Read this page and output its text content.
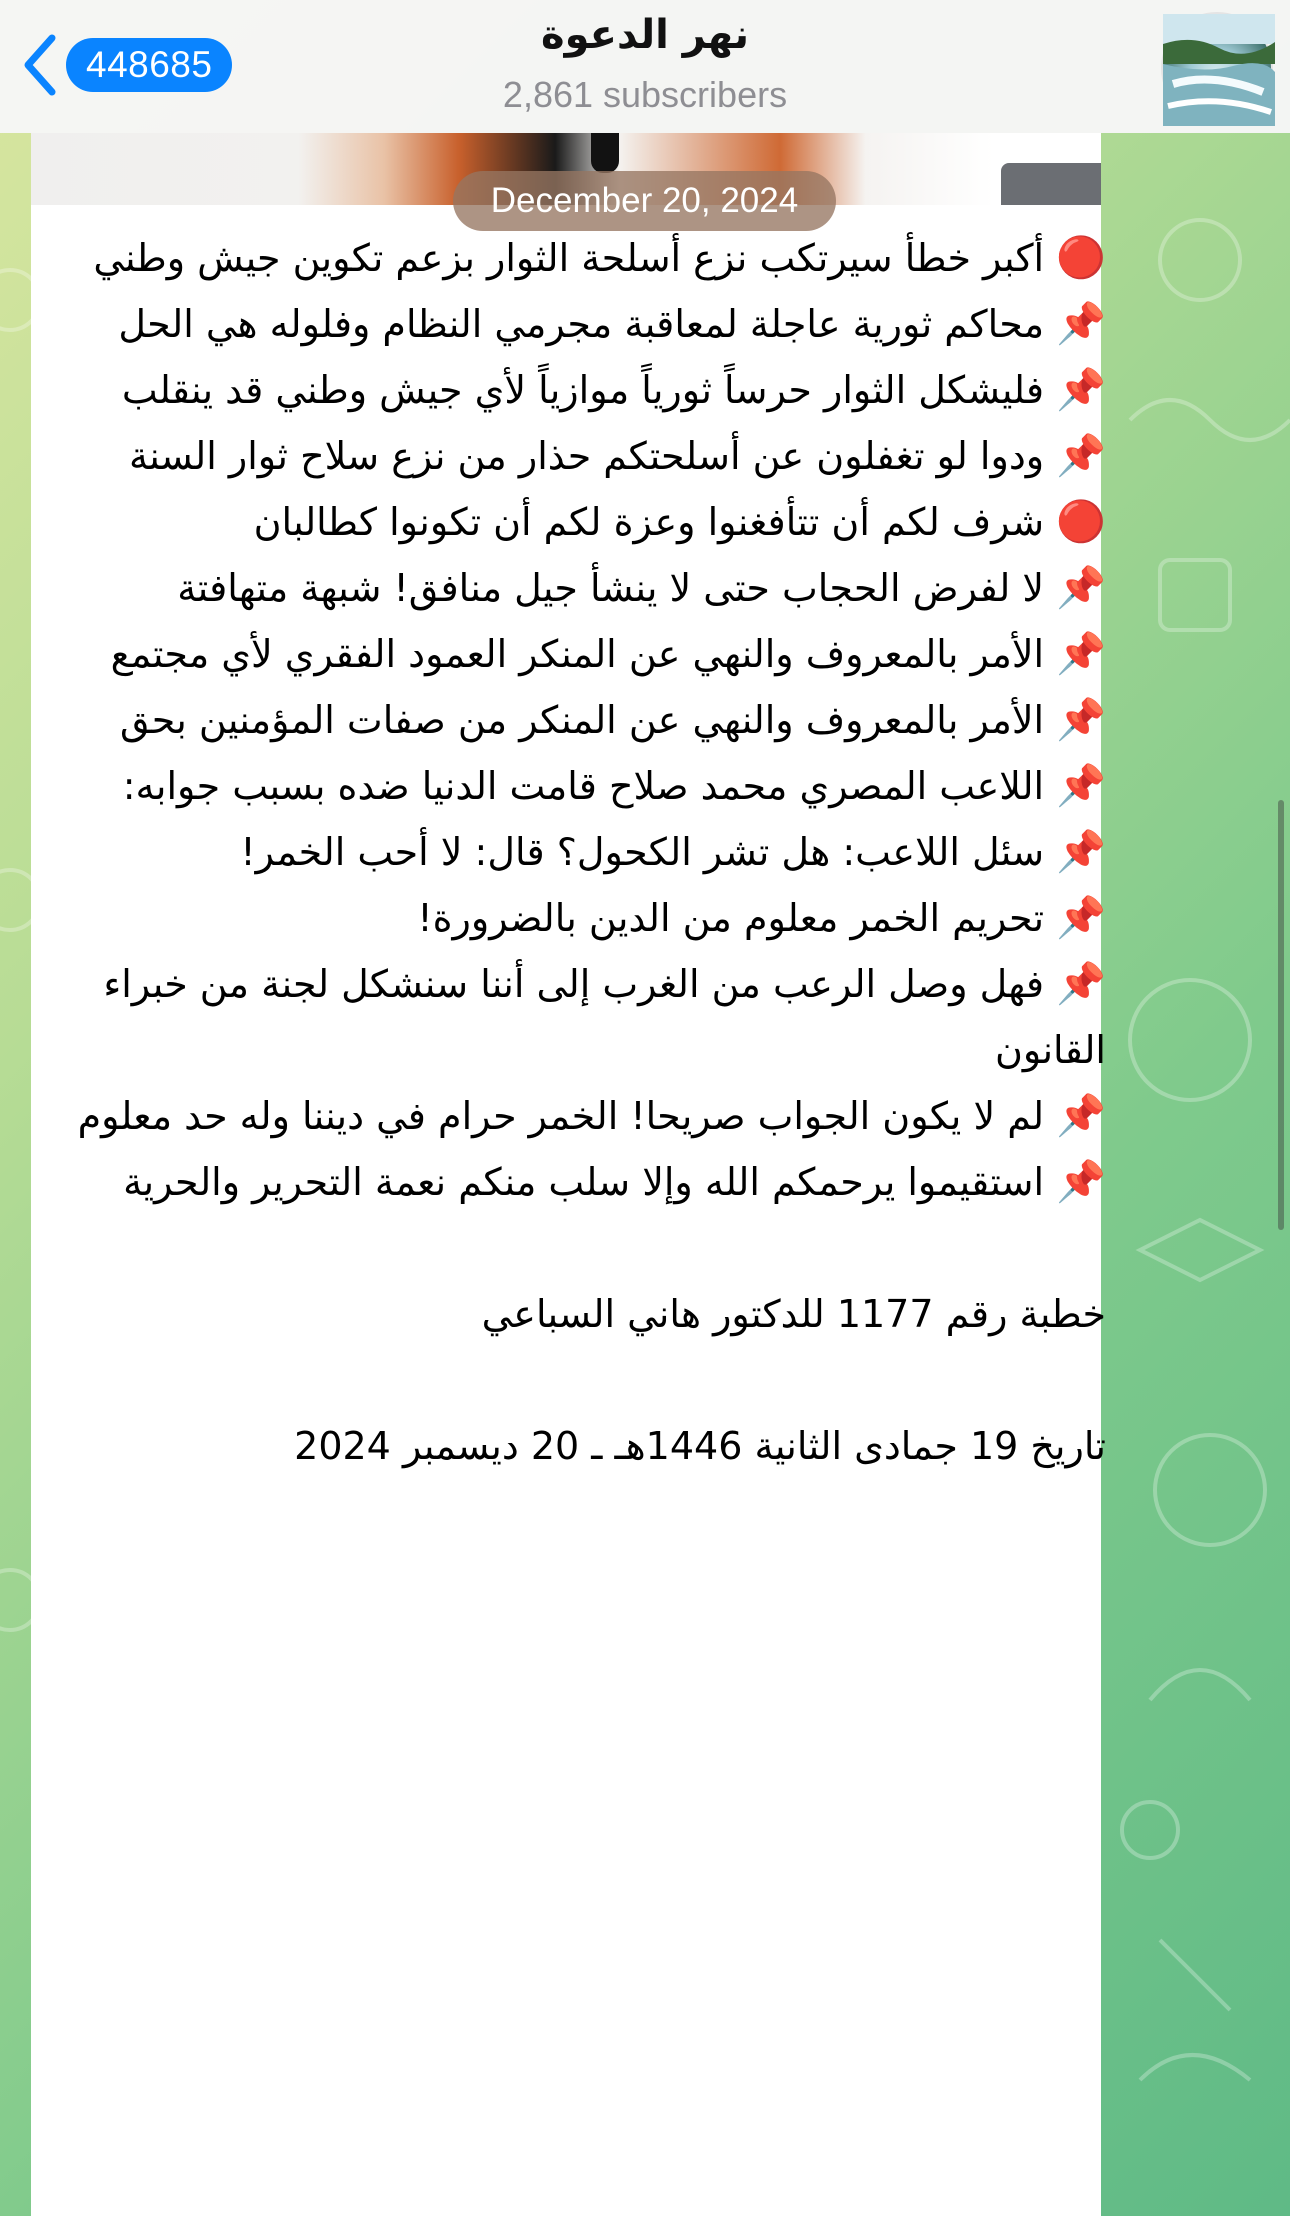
448685
نهر الدعوة
2,861 subscribers
December 20, 2024
🔴 أكبر خطأ سيرتكب نزع أسلحة الثوار بزعم تكوين جيش وطني
📌 محاكم ثورية عاجلة لمعاقبة مجرمي النظام وفلوله هي الحل
📌 فليشكل الثوار حرساً ثورياً موازياً لأي جيش وطني قد ينقلب
📌 ودوا لو تغفلون عن أسلحتكم حذار من نزع سلاح ثوار السنة
🔴 شرف لكم أن تتأفغنوا وعزة لكم أن تكونوا كطالبان
📌 لا لفرض الحجاب حتى لا ينشأ جيل منافق! شبهة متهافتة
📌 الأمر بالمعروف والنهي عن المنكر العمود الفقري لأي مجتمع
📌 الأمر بالمعروف والنهي عن المنكر من صفات المؤمنين بحق
📌 اللاعب المصري محمد صلاح قامت الدنيا ضده بسبب جوابه:
📌 سئل اللاعب: هل تشر الكحول؟ قال: لا أحب الخمر!
📌 تحريم الخمر معلوم من الدين بالضرورة!
📌 فهل وصل الرعب من الغرب إلى أننا سنشكل لجنة من خبراء القانون
📌 لم لا يكون الجواب صريحا! الخمر حرام في ديننا وله حد معلوم
📌 استقيموا يرحمكم الله وإلا سلب منكم نعمة التحرير والحرية
خطبة رقم 1177 للدكتور هاني السباعي
تاريخ 19 جمادى الثانية 1446هـ ـ 20 ديسمبر 2024
